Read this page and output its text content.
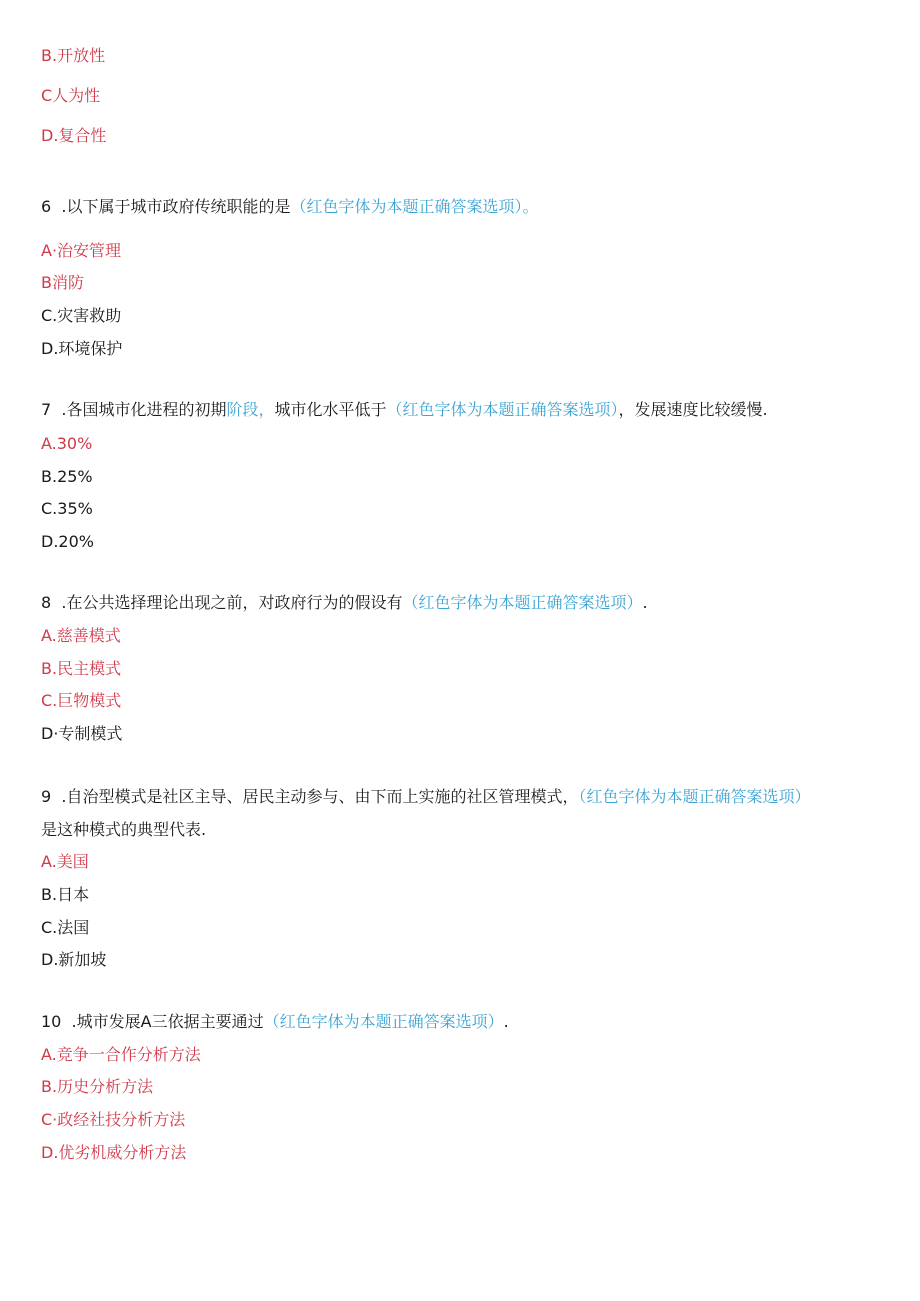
B.开放性
C人为性
D.复合性
6  .以下属于城市政府传统职能的是（红色字体为本题正确答案选项）。
A·治安管理
B消防
C.灾害救助
D.环境保护
7  .各国城市化进程的初期阶段，城市化水平低于（红色字体为本题正确答案选项），发展速度比较缓慢.
A.30%
B.25%
C.35%
D.20%
8  .在公共选择理论出现之前，对政府行为的假设有（红色字体为本题正确答案选项）.
A.慈善模式
B.民主模式
C.巨物模式
D·专制模式
9  .自治型模式是社区主导、居民主动参与、由下而上实施的社区管理模式，（红色字体为本题正确答案选项）
是这种模式的典型代表.
A.美国
B.日本
C.法国
D.新加坡
10  .城市发展A三依据主要通过（红色字体为本题正确答案选项）.
A.竞争一合作分析方法
B.历史分析方法
C·政经社技分析方法
D.优劣机威分析方法
